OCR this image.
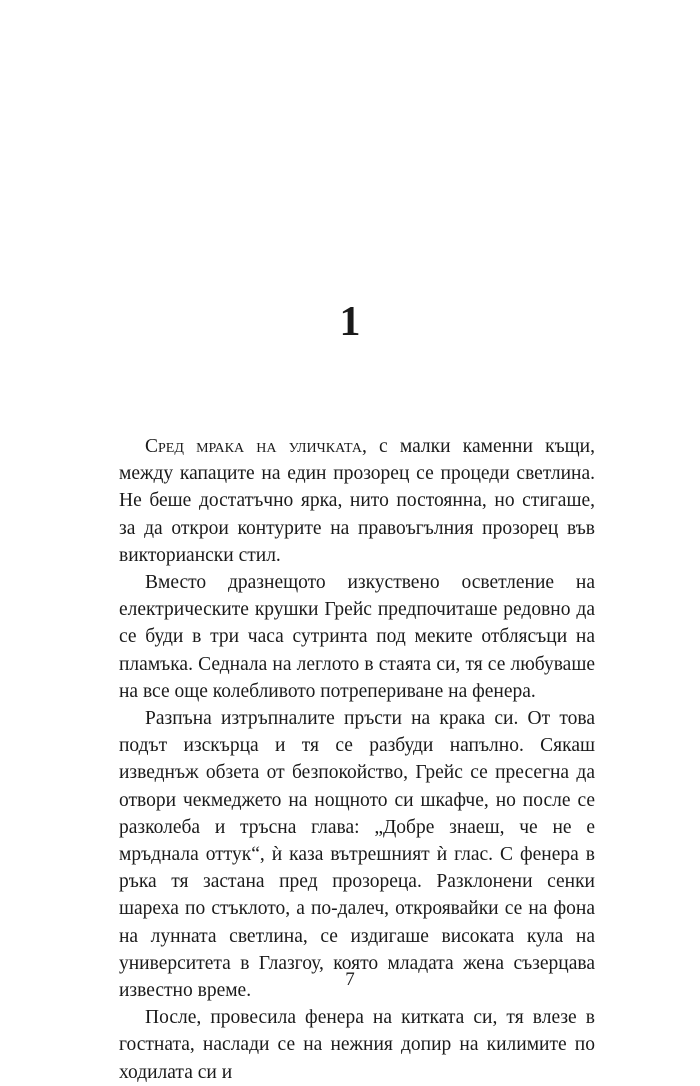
1

Сред мрака на уличката, с малки каменни къщи, между капаците на един прозорец се процеди светлина. Не беше достатъчно ярка, нито постоянна, но стигаше, за да открои контурите на правоъгълния прозорец във викториански стил.

Вместо дразнещото изкуствено осветление на електрическите крушки Грейс предпочиташе редовно да се буди в три часа сутринта под меките отблясъци на пламъка. Седнала на леглото в стаята си, тя се любуваше на все още колебливото потрепериване на фенера.

Разпъна изтръпналите пръсти на крака си. От това подът изскърца и тя се разбуди напълно. Сякаш изведнъж обзета от безпокойство, Грейс се пресегна да отвори чекмеджето на нощното си шкафче, но после се разколеба и тръсна глава: „Добре знаеш, че не е мръднала оттук“, ѝ каза вътрешният ѝ глас. С фенера в ръка тя застана пред прозореца. Разклонени сенки шареха по стъклото, а по-далеч, откроявайки се на фона на лунната светлина, се издигаше високата кула на университета в Глазгоу, която младата жена съзерцава известно време.

После, провесила фенера на китката си, тя влезе в гостната, наслади се на нежния допир на килимите по ходилата си и

7
